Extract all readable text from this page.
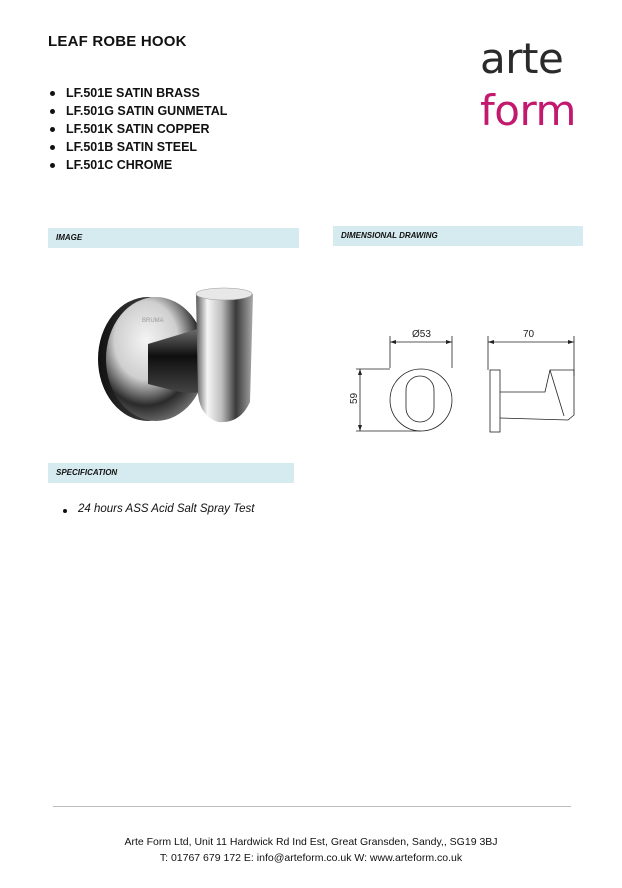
LEAF ROBE HOOK	arte
form
LF.501E SATIN BRASS
LF.501G SATIN GUNMETAL
LF.501K SATIN COPPER
LF.501B SATIN STEEL
LF.501C CHROME
IMAGE	DIMENSIONAL DRAWING
BRUMA
Ø53	70
59
SPECIFICATION
24 hours ASS Acid Salt Spray Test
Arte Form Ltd, Unit 11 Hardwick Rd Ind Est, Great Gransden, Sandy,, SG19 3BJ
T: 01767 679 172 E: info@arteform.co.uk W: www.arteform.co.uk
